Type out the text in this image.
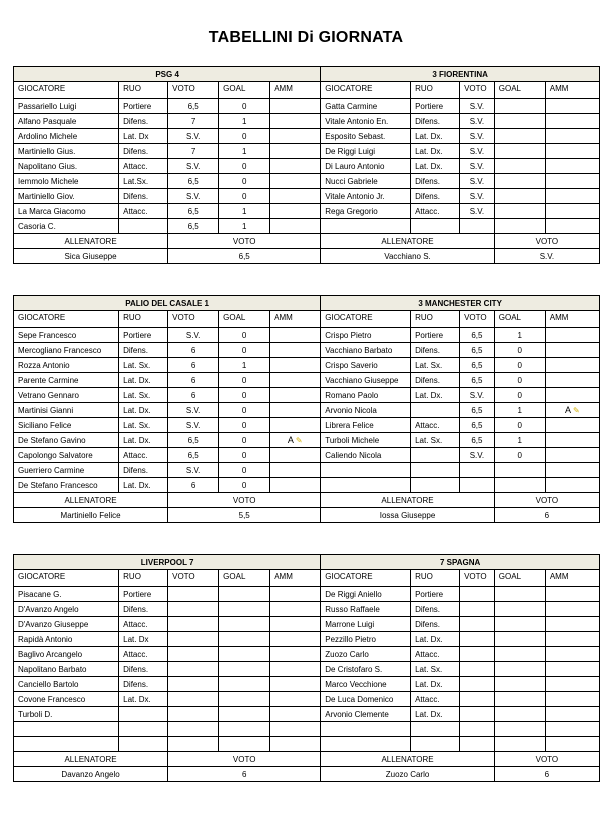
TABELLINI Di GIORNATA
PSG 4					3 FIORENTINA				
GIOCATORE	RUO	VOTO	GOAL	AMM	GIOCATORE	RUO	VOTO	GOAL	AMM
Passariello Luigi	Portiere	6,5	0		Gatta Carmine	Portiere	S.V.		
Alfano Pasquale	Difens.	7	1		Vitale Antonio En.	Difens.	S.V.		
Ardolino Michele	Lat. Dx	S.V.	0		Esposito Sebast.	Lat. Dx.	S.V.		
Martiniello Gius.	Difens.	7	1		De Riggi Luigi	Lat. Dx.	S.V.		
Napolitano Gius.	Attacc.	S.V.	0		Di Lauro Antonio	Lat. Dx.	S.V.		
Iemmolo Michele	Lat.Sx.	6,5	0		Nucci Gabriele	Difens.	S.V.		
Martiniello Giov.	Difens.	S.V.	0		Vitale Antonio Jr.	Difens.	S.V.		
La Marca Giacomo	Attacc.	6,5	1		Rega Gregorio	Attacc.	S.V.		
Casoria C.		6,5	1						
ALLENATORE		VOTO			ALLENATORE			VOTO	
Sica Giuseppe		6,5			Vacchiano S.			S.V.	
PALIO DEL CASALE 1					3 MANCHESTER CITY				
GIOCATORE	RUO	VOTO	GOAL	AMM	GIOCATORE	RUO	VOTO	GOAL	AMM
Sepe Francesco	Portiere	S.V.	0		Crispo Pietro	Portiere	6,5	1	
Mercogliano Francesco	Difens.	6	0		Vacchiano Barbato	Difens.	6,5	0	
Rozza Antonio	Lat. Sx.	6	1		Crispo Saverio	Lat. Sx.	6,5	0	
Parente Carmine	Lat. Dx.	6	0		Vacchiano Giuseppe	Difens.	6,5	0	
Vetrano Gennaro	Lat. Sx.	6	0		Romano Paolo	Lat. Dx.	S.V.	0	
Martinisi Gianni	Lat. Dx.	S.V.	0		Arvonio Nicola		6,5	1	A ✎
Siciliano Felice	Lat. Sx.	S.V.	0		Librera Felice	Attacc.	6,5	0	
De Stefano Gavino	Lat. Dx.	6,5	0	A ✎	Turboli Michele	Lat. Sx.	6,5	1	
Capolongo Salvatore	Attacc.	6,5	0		Caliendo Nicola		S.V.	0	
Guerriero Carmine	Difens.	S.V.	0						
De Stefano Francesco	Lat. Dx.	6	0						
ALLENATORE		VOTO			ALLENATORE			VOTO	
Martiniello Felice		5,5			Iossa Giuseppe			6	
LIVERPOOL 7					7 SPAGNA				
GIOCATORE	RUO	VOTO	GOAL	AMM	GIOCATORE	RUO	VOTO	GOAL	AMM
Pisacane G.	Portiere				De Riggi Aniello	Portiere			
D'Avanzo Angelo	Difens.				Russo Raffaele	Difens.			
D'Avanzo Giuseppe	Attacc.				Marrone Luigi	Difens.			
Rapidà Antonio	Lat. Dx				Pezzillo Pietro	Lat. Dx.			
Baglivo Arcangelo	Attacc.				Zuozo Carlo	Attacc.			
Napolitano Barbato	Difens.				De Cristofaro S.	Lat. Sx.			
Canciello Bartolo	Difens.				Marco Vecchione	Lat. Dx.			
Covone Francesco	Lat. Dx.				De Luca Domenico	Attacc.			
Turboli D.					Arvonio Clemente	Lat. Dx.			

ALLENATORE		VOTO			ALLENATORE			VOTO	
Davanzo Angelo		6			Zuozo Carlo			6	
